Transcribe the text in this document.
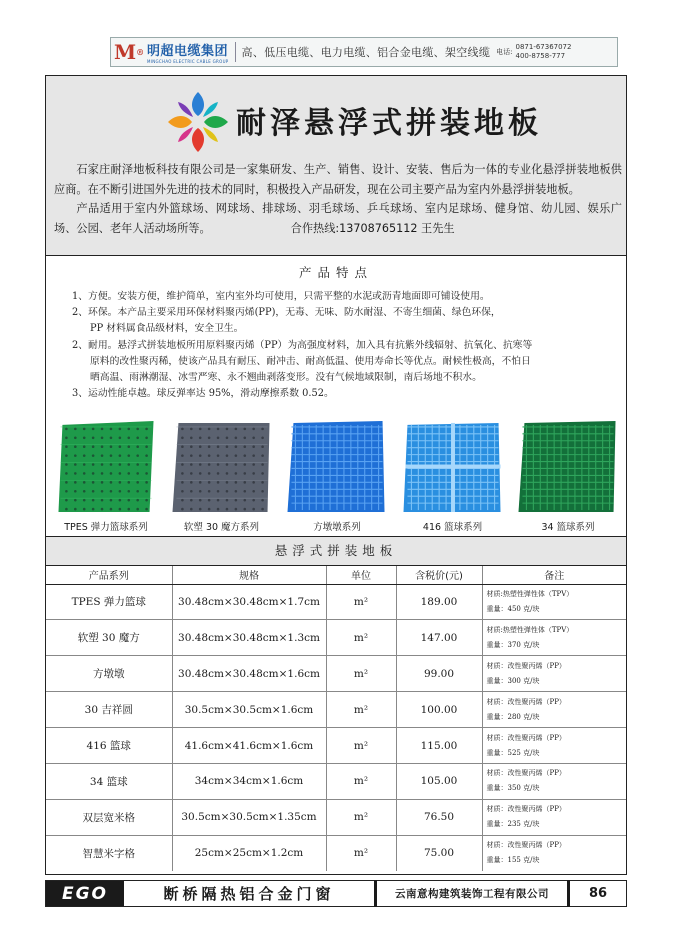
M ® 明超电缆集团
MINGCHAO ELECTRIC CABLE GROUP
高、低压电缆、电力电缆、铝合金电缆、架空线缆 电话:
0871-67367072
400-8758-777
耐泽悬浮式拼装地板

石家庄耐泽地板科技有限公司是一家集研发、生产、销售、设计、安装、售后为一体的专业化悬浮拼装地板供应商。在不断引进国外先进的技术的同时，积极投入产品研发，现在公司主要产品为室内外悬浮拼装地板。

产品适用于室内外篮球场、网球场、排球场、羽毛球场、乒乓球场、室内足球场、健身馆、幼儿园、娱乐广场、公园、老年人活动场所等。	合作热线:13708765112 王先生

产品特点
1、方便。安装方便，维护简单，室内室外均可使用，只需平整的水泥或沥青地面即可铺设使用。
2、环保。本产品主要采用环保材料聚丙烯(PP)，无毒、无味、防水耐湿、不寄生细菌、绿色环保，
PP 材料属食品级材料，安全卫生。
2、耐用。悬浮式拼装地板所用原料聚丙烯（PP）为高强度材料，加入具有抗紫外线辐射、抗氧化、抗寒等
原料的改性聚丙稀，使该产品具有耐压、耐冲击、耐高低温、使用寿命长等优点。耐候性极高，不怕日
晒高温、雨淋潮湿、冰雪严寒、永不翘曲剥落变形。没有气候地域限制，南后场地不积水。
3、运动性能卓越。球反弹率达 95%，滑动摩擦系数 0.52。
TPES 弹力篮球系列	软塑 30 魔方系列	方墩墩系列	416 篮球系列	34 篮球系列
悬浮式拼装地板
产品系列	规格	单位	含税价(元)	备注
TPES 弹力篮球	30.48cm×30.48cm×1.7cm	m²	189.00	材质:热塑性弹性体（TPV）
重量：450 克/块

软塑 30 魔方	30.48cm×30.48cm×1.3cm	m²	147.00	材质:热塑性弹性体（TPV）
重量：370 克/块

方墩墩	30.48cm×30.48cm×1.6cm	m²	99.00	材质：改性聚丙烯（PP）
重量：300 克/块

30 吉祥圆	30.5cm×30.5cm×1.6cm	m²	100.00	材质：改性聚丙烯（PP）
重量：280 克/块

416 篮球	41.6cm×41.6cm×1.6cm	m²	115.00	材质：改性聚丙烯（PP）
重量：525 克/块

34 篮球	34cm×34cm×1.6cm	m²	105.00	材质：改性聚丙烯（PP）
重量：350 克/块

双层宽米格	30.5cm×30.5cm×1.35cm	m²	76.50	材质：改性聚丙烯（PP）
重量：235 克/块

智慧米字格	25cm×25cm×1.2cm	m²	75.00	材质：改性聚丙烯（PP）
重量：155 克/块
EGO	断桥隔热铝合金门窗	云南意构建筑装饰工程有限公司	86
